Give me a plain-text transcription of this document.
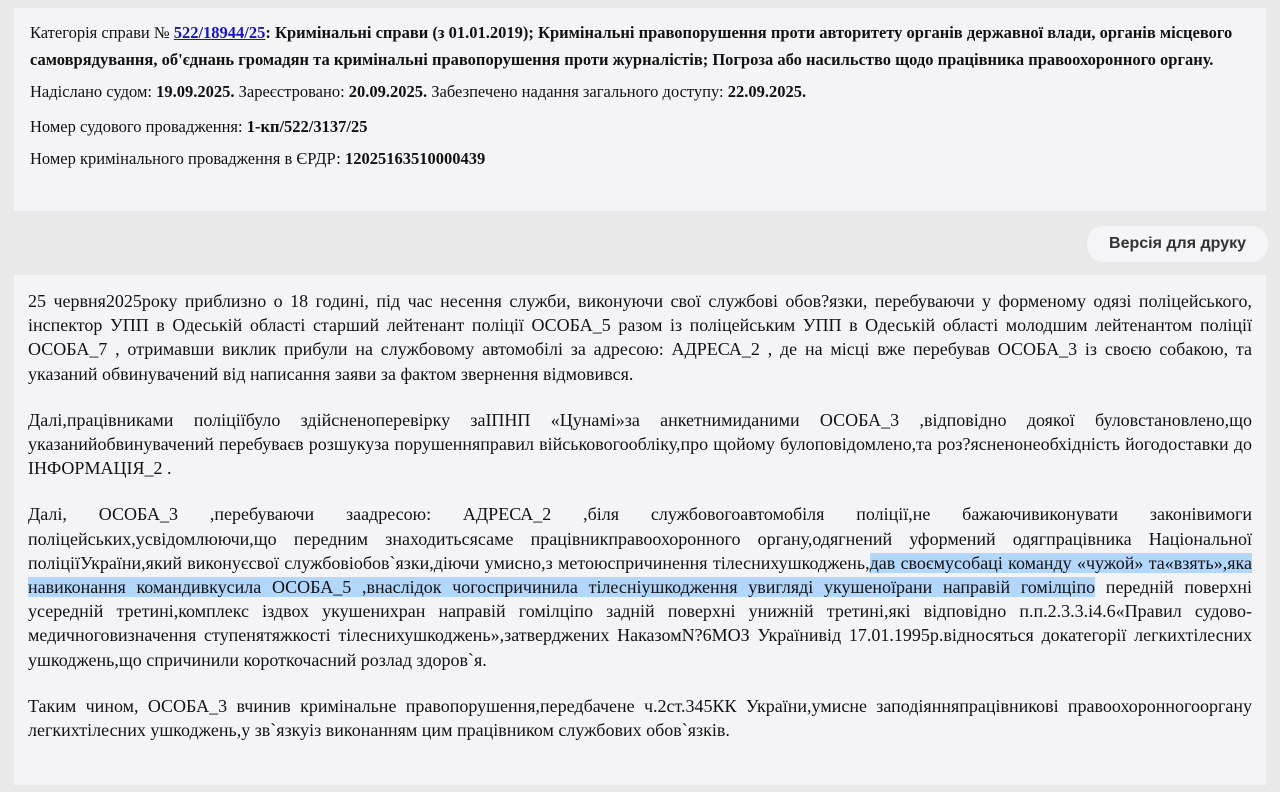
Категорія справи № 522/18944/25: Кримінальні справи (з 01.01.2019); Кримінальні правопорушення проти авторитету органів державної влади, органів місцевого самоврядування, об'єднань громадян та кримінальні правопорушення проти журналістів; Погроза або насильство щодо працівника правоохоронного органу.
Надіслано судом: 19.09.2025. Зареєстровано: 20.09.2025. Забезпечено надання загального доступу: 22.09.2025.
Номер судового провадження: 1-кп/522/3137/25
Номер кримінального провадження в ЄРДР: 12025163510000439
Версія для друку

25 червня2025року приблизно о 18 годині, під час несення служби, виконуючи свої службові обов?язки, перебуваючи у форменому одязі поліцейського, інспектор УПП в Одеській області старший лейтенант поліції ОСОБА_5 разом із поліцейським УПП в Одеській області молодшим лейтенантом поліції ОСОБА_7 , отримавши виклик прибули на службовому автомобілі за адресою: АДРЕСА_2 , де на місці вже перебував ОСОБА_3 із своєю собакою, та указаний обвинувачений від написання заяви за фактом звернення відмовився.

Далі,працівниками поліціїбуло здійсненоперевірку заІПНП «Цунамі»за анкетнимиданими ОСОБА_3 ,відповідно доякої буловстановлено,що указанийобвинувачений перебуваєв розшукуза порушенняправил військовогообліку,про щойому булоповідомлено,та роз?ясненонеобхідність йогодоставки до ІНФОРМАЦІЯ_2 .

Далі, ОСОБА_3 ,перебуваючи заадресою: АДРЕСА_2 ,біля службовогоавтомобіля поліції,не бажаючивиконувати законівимоги поліцейських,усвідомлюючи,що передним знаходитьсясаме працівникправоохоронного органу,одягнений уформений одягпрацівника Національної поліціїУкраїни,який виконуєсвої службовіобов`язки,діючи умисно,з метоюспричинення тілеснихушкоджень,дав своємусобаці команду «чужой» та«взять»,яка навиконання командивкусила ОСОБА_5 ,внаслідок чогоспричинила тілесніушкодження увигляді укушеноїрани направій гомілціпо передній поверхні усередній третині,комплекс іздвох укушенихран направій гомілціпо задній поверхні унижній третині,які відповідно п.п.2.3.3.і4.6«Правил судово-медичноговизначення ступенятяжкості тілеснихушкоджень»,затверджених НаказомN?6МОЗ Українивід 17.01.1995р.відносяться докатегорії легкихтілесних ушкоджень,що спричинили короткочасний розлад здоров`я.

Таким чином, ОСОБА_3 вчинив кримінальне правопорушення,передбачене ч.2ст.345КК України,умисне заподіянняпрацівникові правоохоронногооргану легкихтілесних ушкоджень,у зв`язкуіз виконанням цим працівником службових обов`язків.
